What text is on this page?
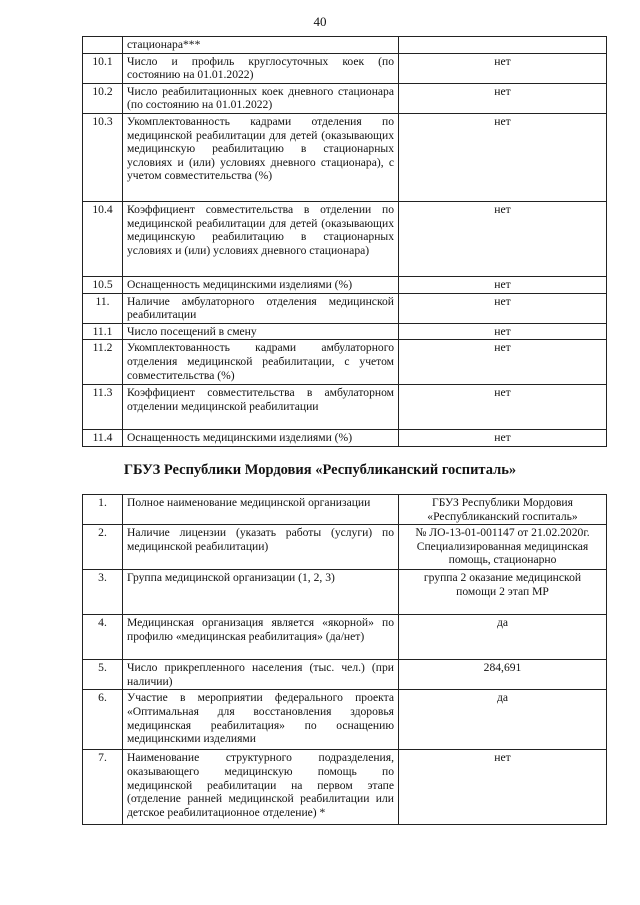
40
	стационара***	
10.1	Число и профиль круглосуточных коек (по состоянию на 01.01.2022)	нет
10.2	Число реабилитационных коек дневного стационара (по состоянию на 01.01.2022)	нет
10.3	Укомплектованность кадрами отделения по медицинской реабилитации для детей (оказывающих медицинскую реабилитацию в стационарных условиях и (или) условиях дневного стационара), с учетом совместительства (%)	нет
10.4	Коэффициент совместительства в отделении по медицинской реабилитации для детей (оказывающих медицинскую реабилитацию в стационарных условиях и (или) условиях дневного стационара)	нет
10.5	Оснащенность медицинскими изделиями (%)	нет
11.	Наличие амбулаторного отделения медицинской реабилитации	нет
11.1	Число посещений в смену	нет
11.2	Укомплектованность кадрами амбулаторного отделения медицинской реабилитации, с учетом совместительства (%)	нет
11.3	Коэффициент совместительства в амбулаторном отделении медицинской реабилитации	нет
11.4	Оснащенность медицинскими изделиями (%)	нет
ГБУЗ Республики Мордовия «Республиканский госпиталь»
1.	Полное наименование медицинской организации	ГБУЗ Республики Мордовия «Республиканский госпиталь»
2.	Наличие лицензии (указать работы (услуги) по медицинской реабилитации)	№ ЛО-13-01-001147 от 21.02.2020г. Специализированная медицинская помощь, стационарно
3.	Группа медицинской организации (1, 2, 3)	группа 2 оказание медицинской помощи 2 этап МР
4.	Медицинская организация является «якорной» по профилю «медицинская реабилитация» (да/нет)	да
5.	Число прикрепленного населения (тыс. чел.) (при наличии)	284,691
6.	Участие в мероприятии федерального проекта «Оптимальная для восстановления здоровья медицинская реабилитация» по оснащению медицинскими изделиями	да
7.	Наименование структурного подразделения, оказывающего медицинскую помощь по медицинской реабилитации на первом этапе (отделение ранней медицинской реабилитации или детское реабилитационное отделение) *	нет
